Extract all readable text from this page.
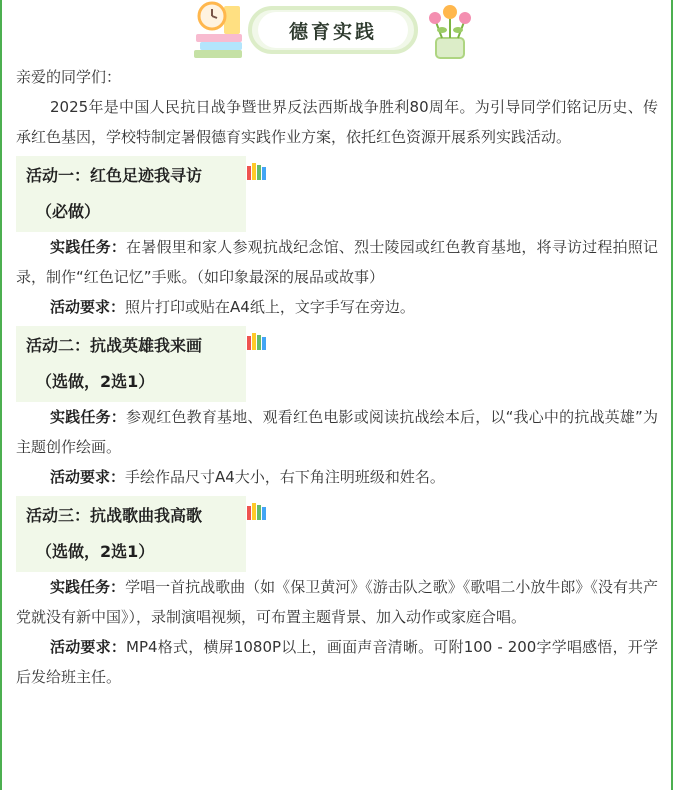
德育实践

亲爱的同学们：

2025年是中国人民抗日战争暨世界反法西斯战争胜利80周年。为引导同学们铭记历史、传承红色基因，学校特制定暑假德育实践作业方案，依托红色资源开展系列实践活动。

活动一：红色足迹我寻访
（必做）

实践任务：在暑假里和家人参观抗战纪念馆、烈士陵园或红色教育基地，将寻访过程拍照记录，制作“红色记忆”手账。（如印象最深的展品或故事）

活动要求：照片打印或贴在A4纸上，文字手写在旁边。

活动二：抗战英雄我来画
（选做，2选1）

实践任务：参观红色教育基地、观看红色电影或阅读抗战绘本后，以“我心中的抗战英雄”为主题创作绘画。

活动要求：手绘作品尺寸A4大小，右下角注明班级和姓名。

活动三：抗战歌曲我高歌
（选做，2选1）

实践任务：学唱一首抗战歌曲（如《保卫黄河》《游击队之歌》《歌唱二小放牛郎》《没有共产党就没有新中国》），录制演唱视频，可布置主题背景、加入动作或家庭合唱。

活动要求：MP4格式，横屏1080P以上，画面声音清晰。可附100 - 200字学唱感悟，开学后发给班主任。
